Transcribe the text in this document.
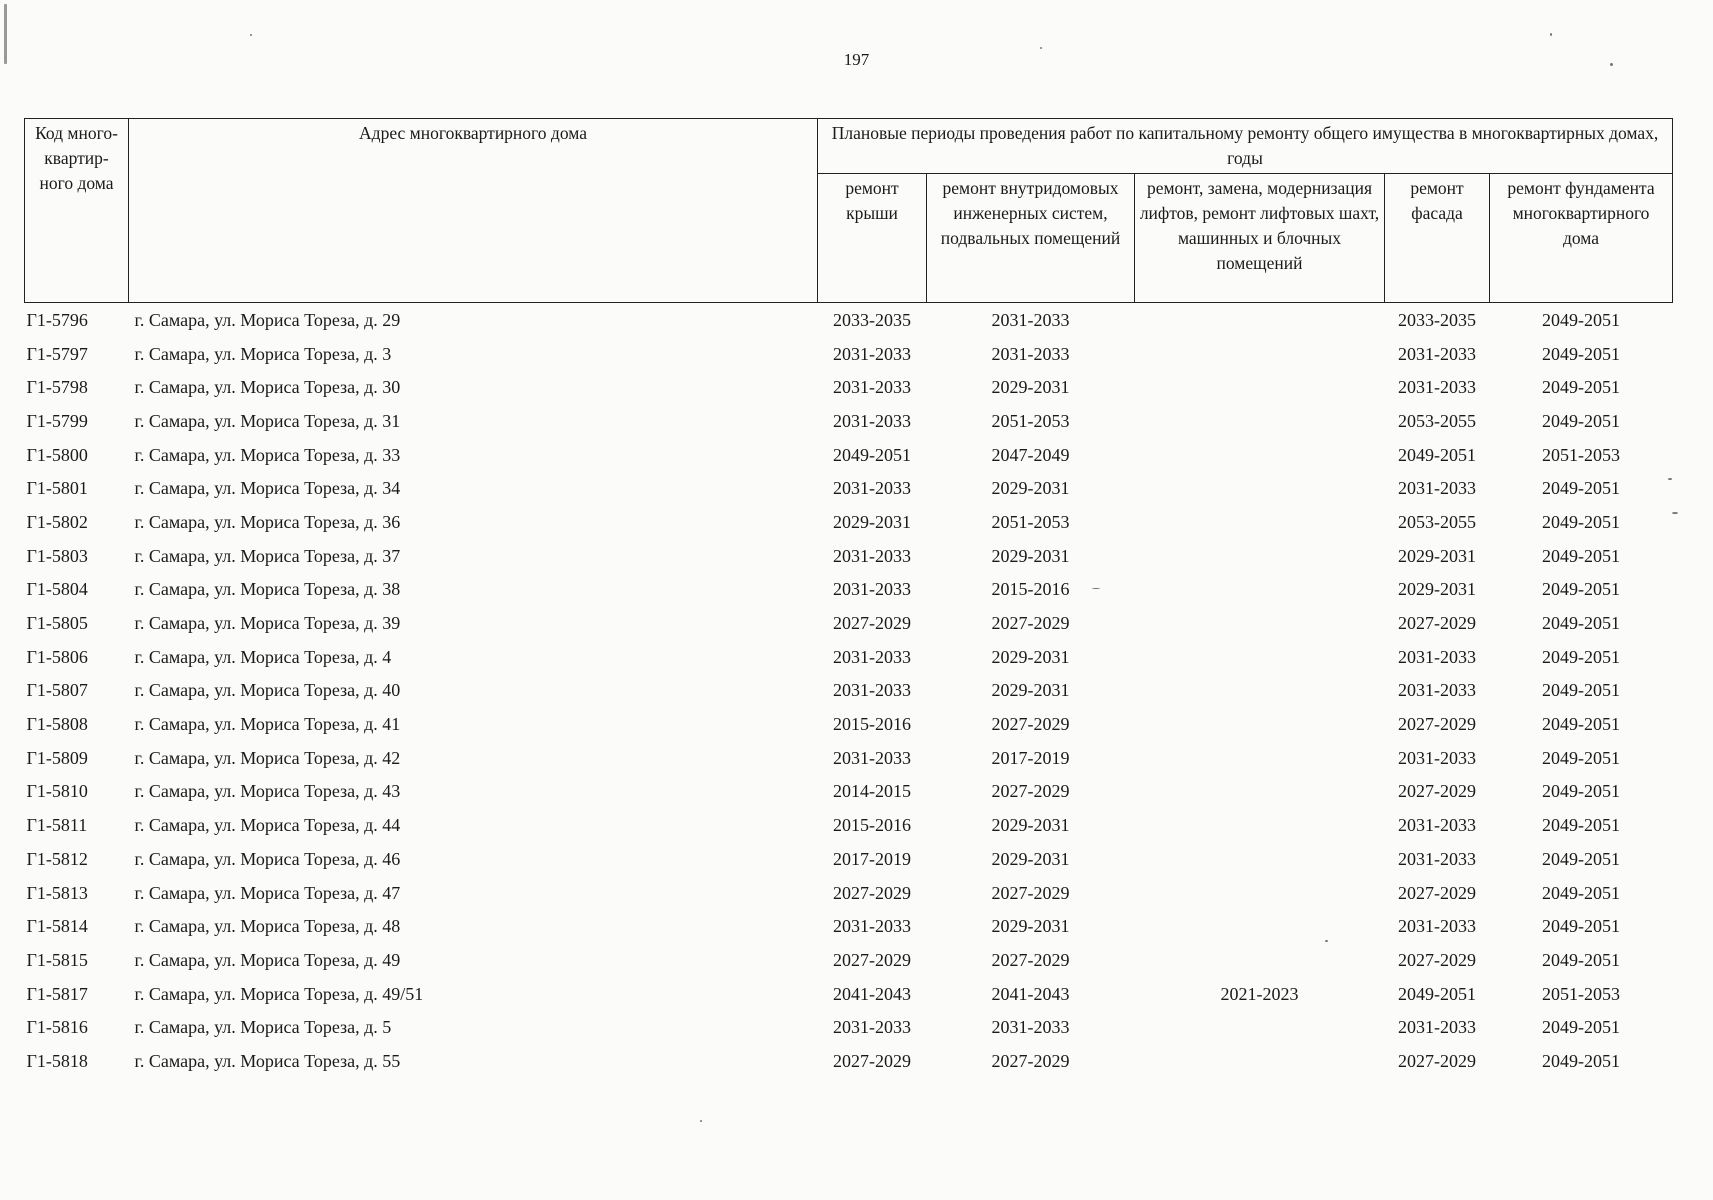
197
Код много-квартир-ного дома	Адрес многоквартирного дома	Плановые периоды проведения работ по капитальному ремонту общего имущества в многоквартирных домах, годы				
		ремонт крыши	ремонт внутридомовых инженерных систем, подвальных помещений	ремонт, замена, модернизация лифтов, ремонт лифтовых шахт, машинных и блочных помещений	ремонт фасада	ремонт фундамента многоквартирного дома
Г1-5796	г. Самара, ул. Мориса Тореза, д. 29	2033-2035	2031-2033		2033-2035	2049-2051
Г1-5797	г. Самара, ул. Мориса Тореза, д. 3	2031-2033	2031-2033		2031-2033	2049-2051
Г1-5798	г. Самара, ул. Мориса Тореза, д. 30	2031-2033	2029-2031		2031-2033	2049-2051
Г1-5799	г. Самара, ул. Мориса Тореза, д. 31	2031-2033	2051-2053		2053-2055	2049-2051
Г1-5800	г. Самара, ул. Мориса Тореза, д. 33	2049-2051	2047-2049		2049-2051	2051-2053
Г1-5801	г. Самара, ул. Мориса Тореза, д. 34	2031-2033	2029-2031		2031-2033	2049-2051
Г1-5802	г. Самара, ул. Мориса Тореза, д. 36	2029-2031	2051-2053		2053-2055	2049-2051
Г1-5803	г. Самара, ул. Мориса Тореза, д. 37	2031-2033	2029-2031		2029-2031	2049-2051
Г1-5804	г. Самара, ул. Мориса Тореза, д. 38	2031-2033	2015-2016		2029-2031	2049-2051
Г1-5805	г. Самара, ул. Мориса Тореза, д. 39	2027-2029	2027-2029		2027-2029	2049-2051
Г1-5806	г. Самара, ул. Мориса Тореза, д. 4	2031-2033	2029-2031		2031-2033	2049-2051
Г1-5807	г. Самара, ул. Мориса Тореза, д. 40	2031-2033	2029-2031		2031-2033	2049-2051
Г1-5808	г. Самара, ул. Мориса Тореза, д. 41	2015-2016	2027-2029		2027-2029	2049-2051
Г1-5809	г. Самара, ул. Мориса Тореза, д. 42	2031-2033	2017-2019		2031-2033	2049-2051
Г1-5810	г. Самара, ул. Мориса Тореза, д. 43	2014-2015	2027-2029		2027-2029	2049-2051
Г1-5811	г. Самара, ул. Мориса Тореза, д. 44	2015-2016	2029-2031		2031-2033	2049-2051
Г1-5812	г. Самара, ул. Мориса Тореза, д. 46	2017-2019	2029-2031		2031-2033	2049-2051
Г1-5813	г. Самара, ул. Мориса Тореза, д. 47	2027-2029	2027-2029		2027-2029	2049-2051
Г1-5814	г. Самара, ул. Мориса Тореза, д. 48	2031-2033	2029-2031		2031-2033	2049-2051
Г1-5815	г. Самара, ул. Мориса Тореза, д. 49	2027-2029	2027-2029		2027-2029	2049-2051
Г1-5817	г. Самара, ул. Мориса Тореза, д. 49/51	2041-2043	2041-2043	2021-2023	2049-2051	2051-2053
Г1-5816	г. Самара, ул. Мориса Тореза, д. 5	2031-2033	2031-2033		2031-2033	2049-2051
Г1-5818	г. Самара, ул. Мориса Тореза, д. 55	2027-2029	2027-2029		2027-2029	2049-2051
